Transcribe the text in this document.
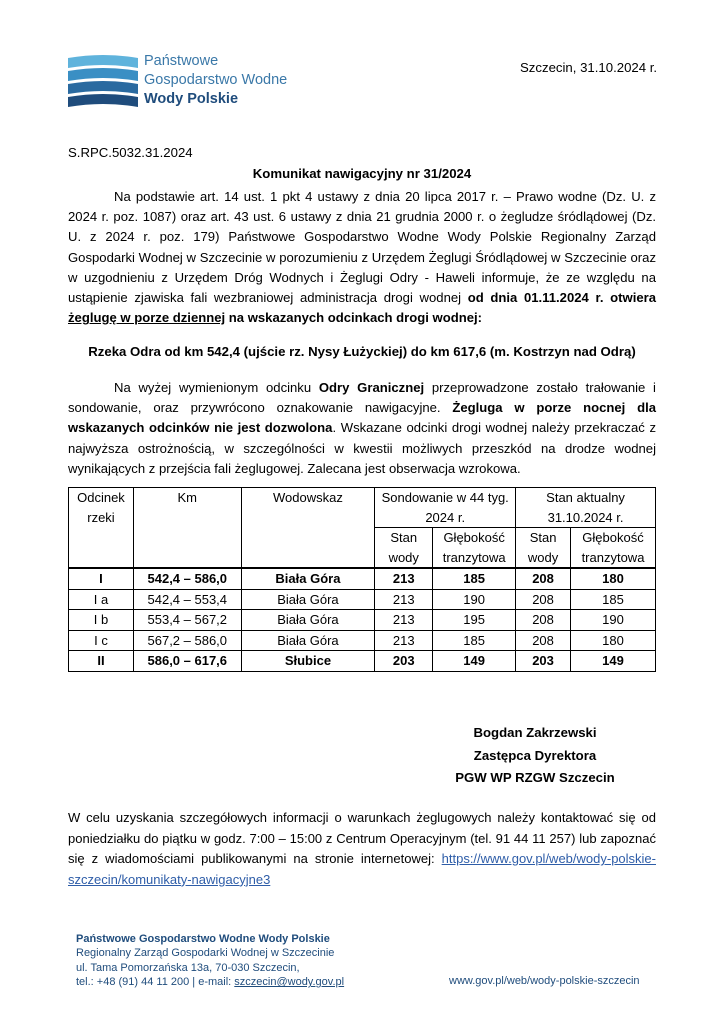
Państwowe
Gospodarstwo Wodne
Wody Polskie
Szczecin, 31.10.2024 r.
S.RPC.5032.31.2024
Komunikat nawigacyjny nr 31/2024
Na podstawie art. 14 ust. 1 pkt 4 ustawy z dnia 20 lipca 2017 r. – Prawo wodne (Dz. U. z 2024 r. poz. 1087) oraz art. 43 ust. 6 ustawy z dnia 21 grudnia 2000 r. o żegludze śródlądowej (Dz. U. z 2024 r. poz. 179) Państwowe Gospodarstwo Wodne Wody Polskie Regionalny Zarząd Gospodarki Wodnej w Szczecinie w porozumieniu z Urzędem Żeglugi Śródlądowej w Szczecinie oraz w uzgodnieniu z Urzędem Dróg Wodnych i Żeglugi Odry - Haweli informuje, że ze względu na ustąpienie zjawiska fali wezbraniowej administracja drogi wodnej od dnia 01.11.2024 r. otwiera żeglugę w porze dziennej na wskazanych odcinkach drogi wodnej:
Rzeka Odra od km 542,4 (ujście rz. Nysy Łużyckiej) do km 617,6 (m. Kostrzyn nad Odrą)
Na wyżej wymienionym odcinku Odry Granicznej przeprowadzone zostało trałowanie i sondowanie, oraz przywrócono oznakowanie nawigacyjne. Żegluga w porze nocnej dla wskazanych odcinków nie jest dozwolona. Wskazane odcinki drogi wodnej należy przekraczać z najwyższa ostrożnością, w szczególności w kwestii możliwych przeszkód na drodze wodnej wynikających z przejścia fali żeglugowej. Zalecana jest obserwacja wzrokowa.
Odcinek rzeki	Km	Wodowskaz	Sondowanie w 44 tyg. 2024 r.		Stan aktualny 31.10.2024 r.	
			Stan wody	Głębokość tranzytowa	Stan wody	Głębokość tranzytowa
I	542,4 – 586,0	Biała Góra	213	185	208	180
I a	542,4 – 553,4	Biała Góra	213	190	208	185
I b	553,4 – 567,2	Biała Góra	213	195	208	190
I c	567,2 – 586,0	Biała Góra	213	185	208	180
II	586,0 – 617,6	Słubice	203	149	203	149
Bogdan Zakrzewski
Zastępca Dyrektora
PGW WP RZGW Szczecin
W celu uzyskania szczegółowych informacji o warunkach żeglugowych należy kontaktować się od poniedziałku do piątku w godz. 7:00 – 15:00 z Centrum Operacyjnym (tel. 91 44 11 257) lub zapoznać się z wiadomościami publikowanymi na stronie internetowej: https://www.gov.pl/web/wody-polskie-szczecin/komunikaty-nawigacyjne3
Państwowe Gospodarstwo Wodne Wody Polskie
Regionalny Zarząd Gospodarki Wodnej w Szczecinie
ul. Tama Pomorzańska 13a, 70-030 Szczecin,
tel.: +48 (91) 44 11 200 | e-mail: szczecin@wody.gov.pl	www.gov.pl/web/wody-polskie-szczecin
